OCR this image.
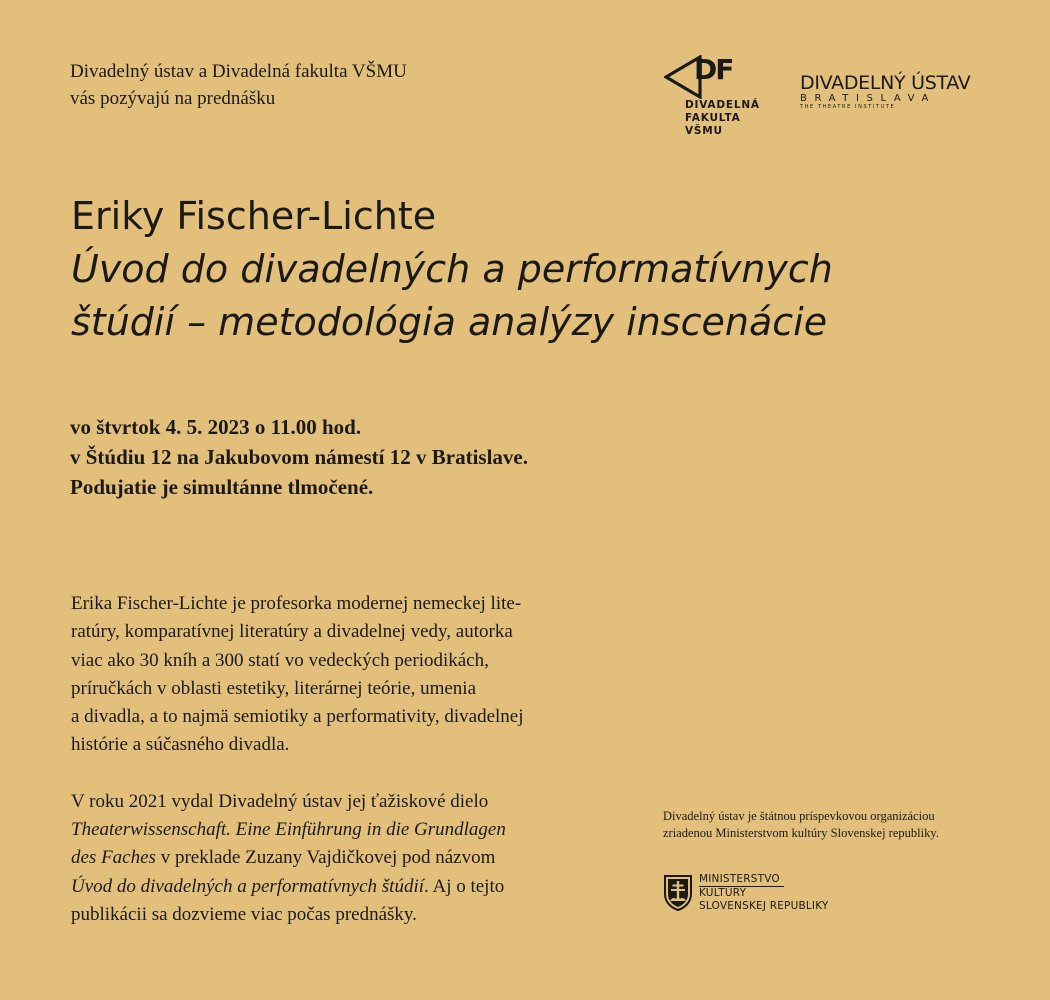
Divadelný ústav a Divadelná fakulta VŠMU
vás pozývajú na prednášku
DF
DIVADELNÁ
FAKULTA
VŠMU
DIVADELNÝ ÚSTAV
BRATISLAVA
THE THEATRE INSTITUTE
Eriky Fischer-Lichte
Úvod do divadelných a performatívnych
štúdií – metodológia analýzy inscenácie
vo štvrtok 4. 5. 2023 o 11.00 hod.
v Štúdiu 12 na Jakubovom námestí 12 v Bratislave.
Podujatie je simultánne tlmočené.
Erika Fischer-Lichte je profesorka modernej nemeckej lite-
ratúry, komparatívnej literatúry a divadelnej vedy, autorka
viac ako 30 kníh a 300 statí vo vedeckých periodikách,
príručkách v oblasti estetiky, literárnej teórie, umenia
a divadla, a to najmä semiotiky a performativity, divadelnej
histórie a súčasného divadla.
V roku 2021 vydal Divadelný ústav jej ťažiskové dielo
Theaterwissenschaft. Eine Einführung in die Grundlagen
des Faches v preklade Zuzany Vajdičkovej pod názvom
Úvod do divadelných a performatívnych štúdií. Aj o tejto
publikácii sa dozvieme viac počas prednášky.
Divadelný ústav je štátnou príspevkovou organizáciou
zriadenou Ministerstvom kultúry Slovenskej republiky.
MINISTERSTVO
KULTÚRY
SLOVENSKEJ REPUBLIKY
